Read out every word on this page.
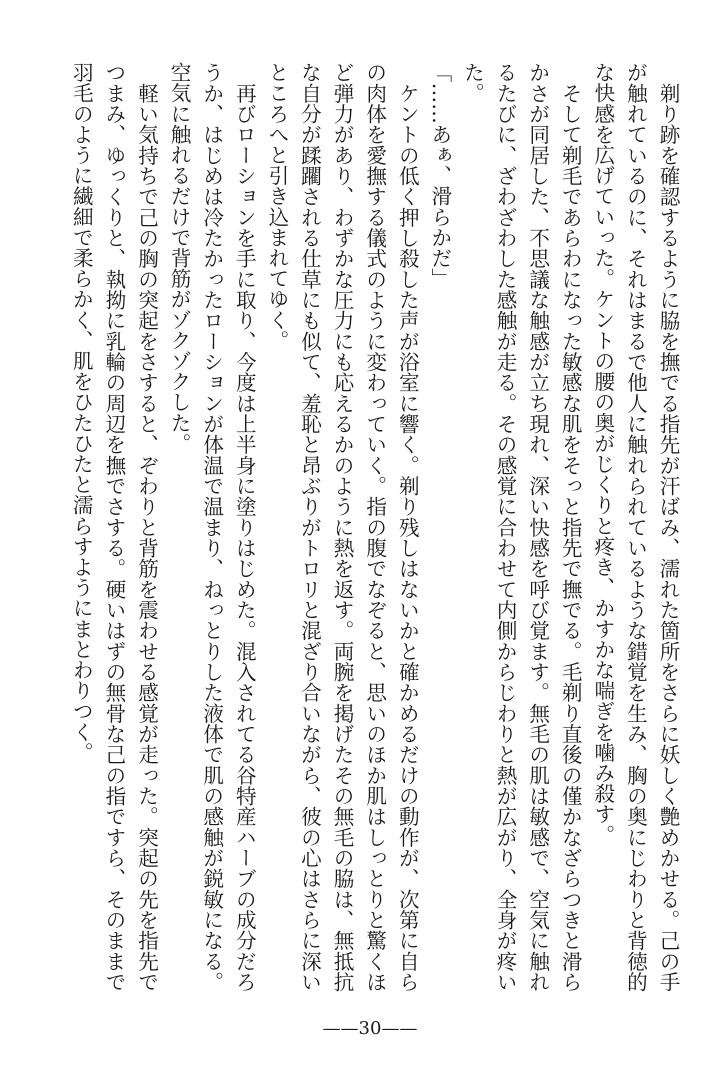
　剃り跡を確認するように脇を撫でる指先が汗ばみ、濡れた箇所をさらに妖しく艶めかせる。己の手
が触れているのに、それはまるで他人に触れられているような錯覚を生み、胸の奥にじわりと背徳的
な快感を広げていった。ケントの腰の奥がじくりと疼き、かすかな喘ぎを噛み殺す。
　そして剃毛であらわになった敏感な肌をそっと指先で撫でる。毛剃り直後の僅かなざらつきと滑ら
かさが同居した、不思議な触感が立ち現れ、深い快感を呼び覚ます。無毛の肌は敏感で、空気に触れ
るたびに、ざわざわした感触が走る。その感覚に合わせて内側からじわりと熱が広がり、全身が疼い
た。
「……あぁ、滑らかだ」
　ケントの低く押し殺した声が浴室に響く。剃り残しはないかと確かめるだけの動作が、次第に自ら
の肉体を愛撫する儀式のように変わっていく。指の腹でなぞると、思いのほか肌はしっとりと驚くほ
ど弾力があり、わずかな圧力にも応えるかのように熱を返す。両腕を掲げたその無毛の脇は、無抵抗
な自分が蹂躙される仕草にも似て、羞恥と昂ぶりがトロリと混ざり合いながら、彼の心はさらに深い
ところへと引き込まれてゆく。
　再びローションを手に取り、今度は上半身に塗りはじめた。混入されてる谷特産ハーブの成分だろ
うか、はじめは冷たかったローションが体温で温まり、ねっとりした液体で肌の感触が鋭敏になる。
空気に触れるだけで背筋がゾクゾクした。
　軽い気持ちで己の胸の突起をさすると、ぞわりと背筋を震わせる感覚が走った。突起の先を指先で
つまみ、ゆっくりと、執拗に乳輪の周辺を撫でさする。硬いはずの無骨な己の指ですら、そのままで
羽毛のように繊細で柔らかく、肌をひたひたと濡らすようにまとわりつく。
——30——
